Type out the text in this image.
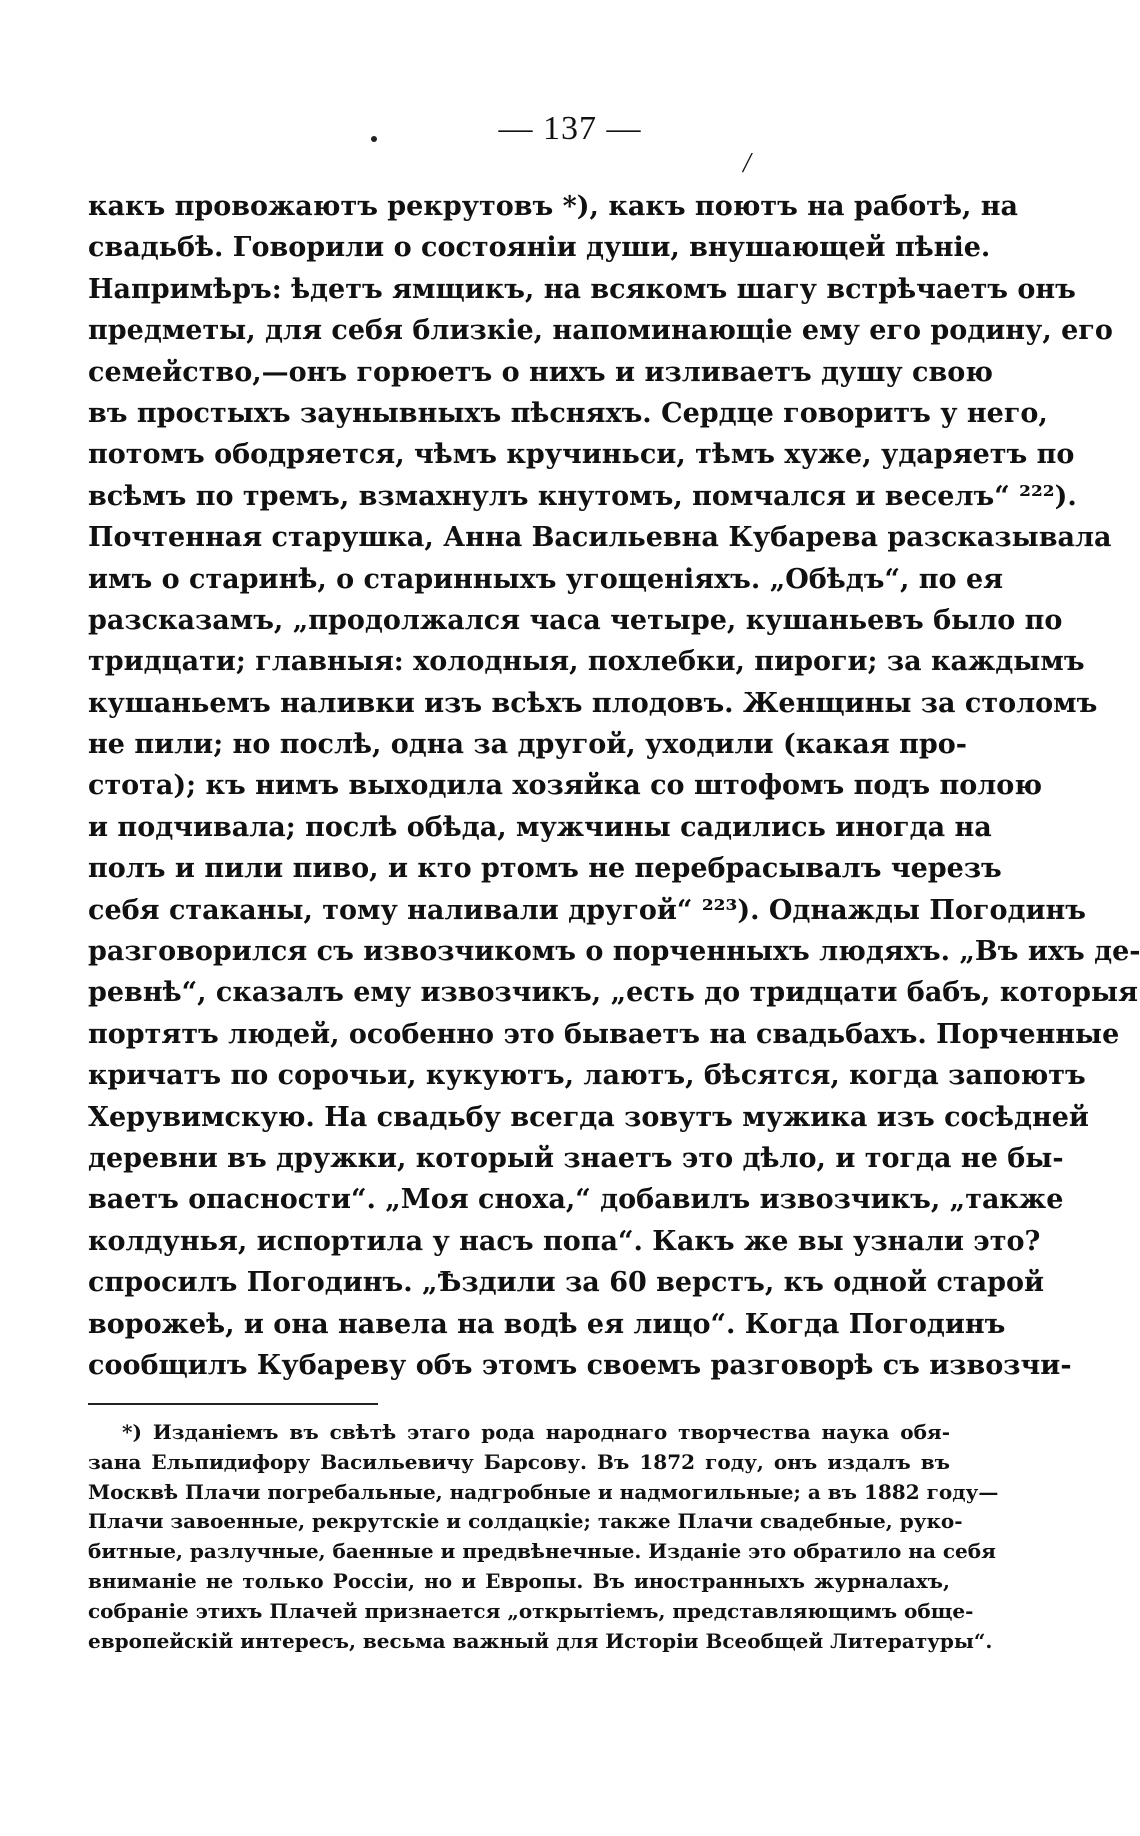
— 137 —
/
какъ провожаютъ рекрутовъ *), какъ поютъ на работѣ, на
свадьбѣ. Говорили о состояніи души, внушающей пѣніе.
Напримѣръ: ѣдетъ ямщикъ, на всякомъ шагу встрѣчаетъ онъ
предметы, для себя близкіе, напоминающіе ему его родину, его
семейство,—онъ горюетъ о нихъ и изливаетъ душу свою
въ простыхъ заунывныхъ пѣсняхъ. Сердце говоритъ у него,
потомъ ободряется, чѣмъ кручиньси, тѣмъ хуже, ударяетъ по
всѣмъ по тремъ, взмахнулъ кнутомъ, помчался и веселъ“ ²²²).
Почтенная старушка, Анна Васильевна Кубарева разсказывала
имъ о старинѣ, о старинныхъ угощеніяхъ. „Обѣдъ“, по ея
разсказамъ, „продолжался часа четыре, кушаньевъ было по
тридцати; главныя: холодныя, похлебки, пироги; за каждымъ
кушаньемъ наливки изъ всѣхъ плодовъ. Женщины за столомъ
не пили; но послѣ, одна за другой, уходили (какая про-
стота); къ нимъ выходила хозяйка со штофомъ подъ полою
и подчивала; послѣ обѣда, мужчины садились иногда на
полъ и пили пиво, и кто ртомъ не перебрасывалъ черезъ
себя стаканы, тому наливали другой“ ²²³). Однажды Погодинъ
разговорился съ извозчикомъ о порченныхъ людяхъ. „Въ ихъ де-
ревнѣ“, сказалъ ему извозчикъ, „есть до тридцати бабъ, которыя
портятъ людей, особенно это бываетъ на свадьбахъ. Порченные
кричатъ по сорочьи, кукуютъ, лаютъ, бѣсятся, когда запоютъ
Херувимскую. На свадьбу всегда зовутъ мужика изъ сосѣдней
деревни въ дружки, который знаетъ это дѣло, и тогда не бы-
ваетъ опасности“. „Моя сноха,“ добавилъ извозчикъ, „также
колдунья, испортила у насъ попа“. Какъ же вы узнали это?
спросилъ Погодинъ. „Ѣздили за 60 верстъ, къ одной старой
ворожеѣ, и она навела на водѣ ея лицо“. Когда Погодинъ
сообщилъ Кубареву объ этомъ своемъ разговорѣ съ извозчи-
*) Изданіемъ въ свѣтѣ этаго рода народнаго творчества наука обя-
зана Ельпидифору Васильевичу Барсову. Въ 1872 году, онъ издалъ въ
Москвѣ Плачи погребальные, надгробные и надмогильные; а въ 1882 году—
Плачи завоенные, рекрутскіе и солдацкіе; также Плачи свадебные, руко-
битные, разлучные, баенные и предвѣнечные. Изданіе это обратило на себя
вниманіе не только Россіи, но и Европы. Въ иностранныхъ журналахъ,
собраніе этихъ Плачей признается „открытіемъ, представляющимъ обще-
европейскій интересъ, весьма важный для Исторіи Всеобщей Литературы“.
